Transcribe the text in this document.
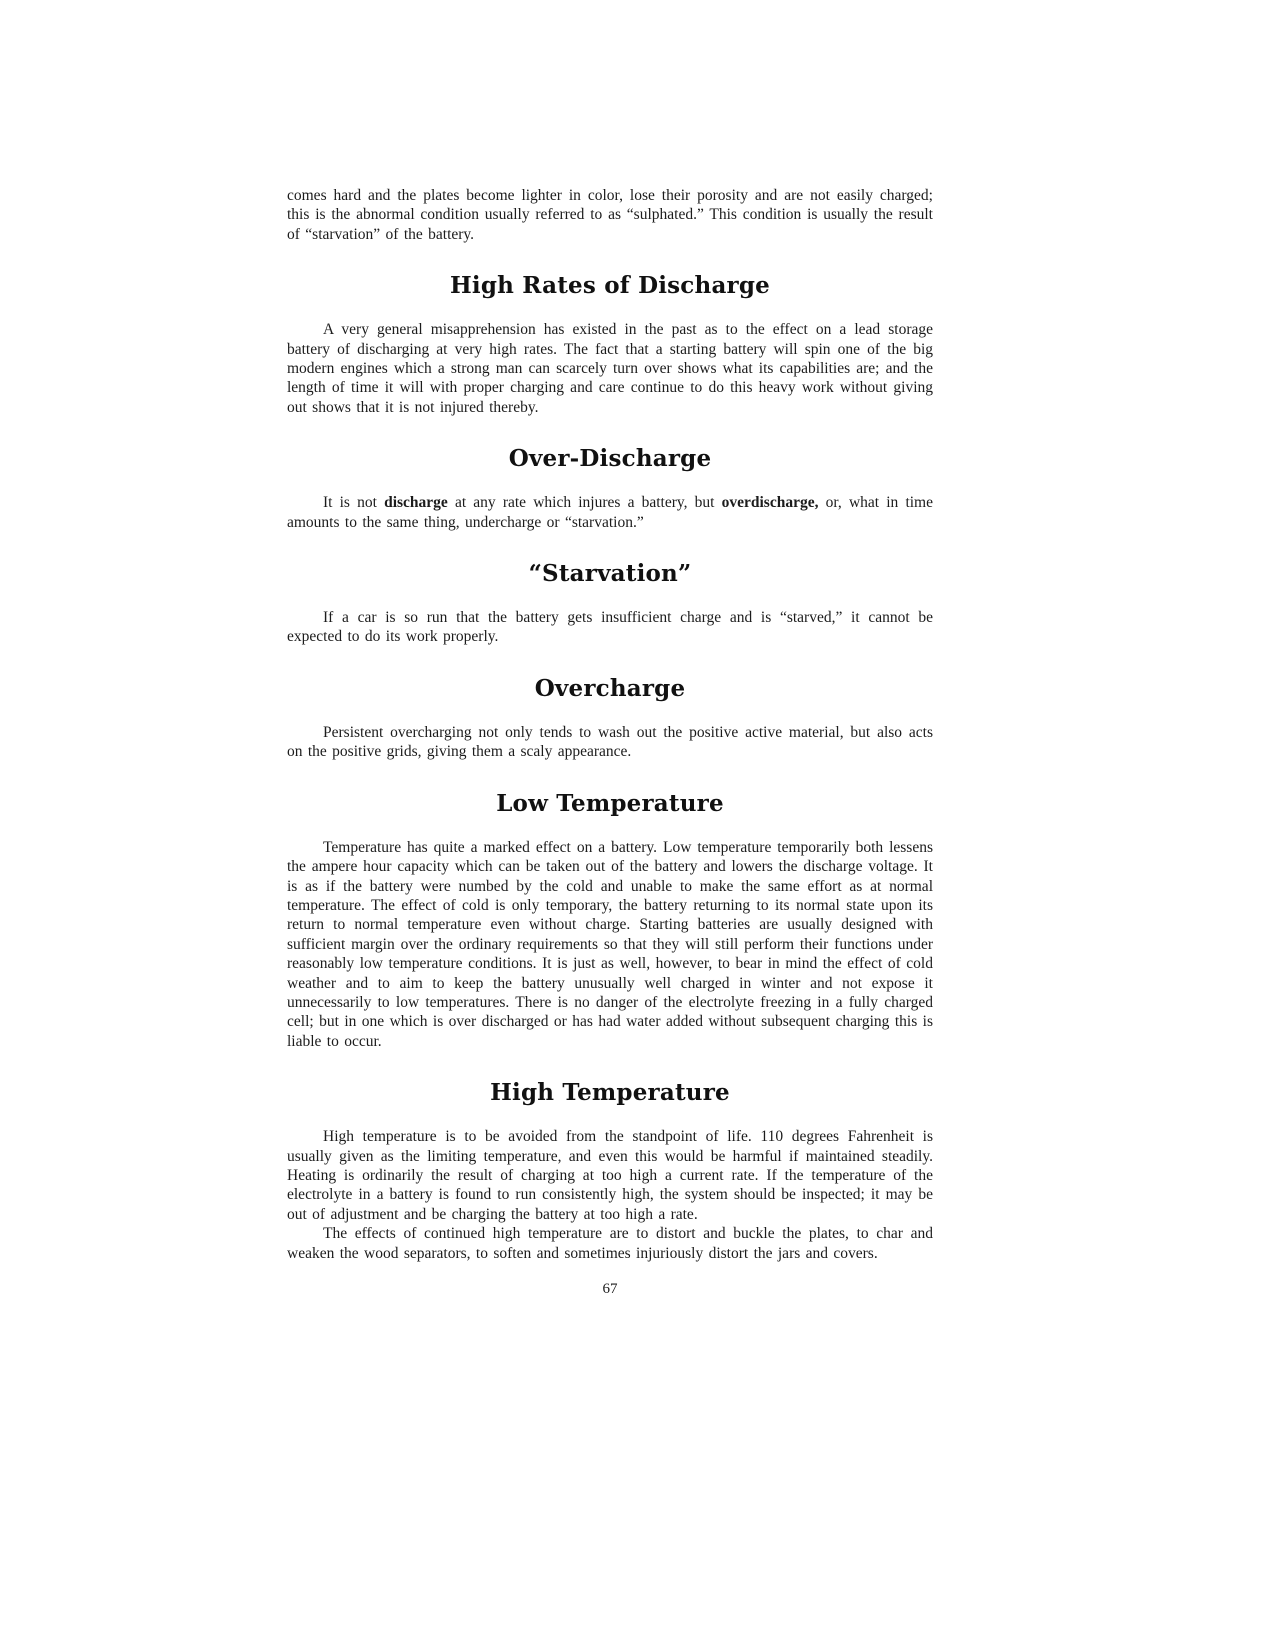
comes hard and the plates become lighter in color, lose their porosity and are not easily charged; this is the abnormal condition usually referred to as “sulphated.” This condition is usually the result of “starvation” of the battery.

High Rates of Discharge

A very general misapprehension has existed in the past as to the effect on a lead storage battery of discharging at very high rates. The fact that a starting battery will spin one of the big modern engines which a strong man can scarcely turn over shows what its capabilities are; and the length of time it will with proper charging and care continue to do this heavy work without giving out shows that it is not injured thereby.

Over-Discharge

It is not discharge at any rate which injures a battery, but overdischarge, or, what in time amounts to the same thing, undercharge or “starvation.”

“Starvation”

If a car is so run that the battery gets insufficient charge and is “starved,” it cannot be expected to do its work properly.

Overcharge

Persistent overcharging not only tends to wash out the positive active material, but also acts on the positive grids, giving them a scaly appearance.

Low Temperature

Temperature has quite a marked effect on a battery. Low temperature temporarily both lessens the ampere hour capacity which can be taken out of the battery and lowers the discharge voltage. It is as if the battery were numbed by the cold and unable to make the same effort as at normal temperature. The effect of cold is only temporary, the battery returning to its normal state upon its return to normal temperature even without charge. Starting batteries are usually designed with sufficient margin over the ordinary requirements so that they will still perform their functions under reasonably low temperature conditions. It is just as well, however, to bear in mind the effect of cold weather and to aim to keep the battery unusually well charged in winter and not expose it unnecessarily to low temperatures. There is no danger of the electrolyte freezing in a fully charged cell; but in one which is over discharged or has had water added without subsequent charging this is liable to occur.

High Temperature

High temperature is to be avoided from the standpoint of life. 110 degrees Fahrenheit is usually given as the limiting temperature, and even this would be harmful if maintained steadily. Heating is ordinarily the result of charging at too high a current rate. If the temperature of the electrolyte in a battery is found to run consistently high, the system should be inspected; it may be out of adjustment and be charging the battery at too high a rate.

The effects of continued high temperature are to distort and buckle the plates, to char and weaken the wood separators, to soften and sometimes injuriously distort the jars and covers.

67
